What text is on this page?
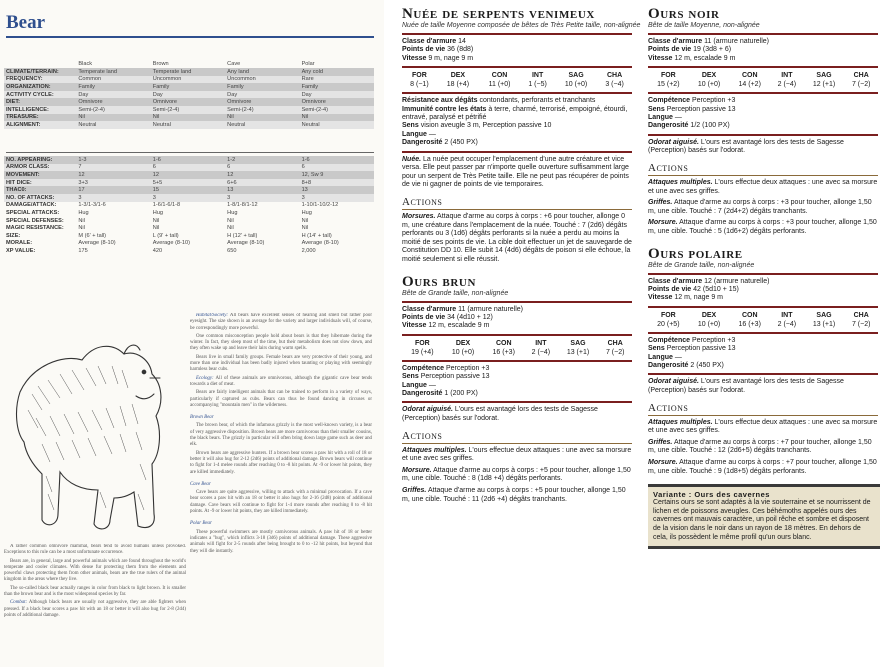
Bear
	Black	Brown	Cave	Polar
CLIMATE/TERRAIN:	Temperate land	Temperate land	Any land	Any cold
FREQUENCY:	Common	Uncommon	Uncommon	Rare
ORGANIZATION:	Family	Family	Family	Family
ACTIVITY CYCLE:	Day	Day	Day	Day
DIET:	Omnivore	Omnivore	Omnivore	Omnivore
INTELLIGENCE:	Semi-(2-4)	Semi-(2-4)	Semi-(2-4)	Semi-(2-4)
TREASURE:	Nil	Nil	Nil	Nil
ALIGNMENT:	Neutral	Neutral	Neutral	Neutral
NO. APPEARING:	1-3	1-6	1-2	1-6
ARMOR CLASS:	7	6	6	6
MOVEMENT:	12	12	12	12, Sw 9
HIT DICE:	3+3	5+5	6+6	8+8
THAC0:	17	15	13	13
NO. OF ATTACKS:	3	3	3	3
DAMAGE/ATTACK:	1-3/1-3/1-6	1-6/1-6/1-8	1-8/1-8/1-12	1-10/1-10/2-12
SPECIAL ATTACKS:	Hug	Hug	Hug	Hug
SPECIAL DEFENSES:	Nil	Nil	Nil	Nil
MAGIC RESISTANCE:	Nil	Nil	Nil	Nil
SIZE:	M (6' + tall)	L (9' + tall)	H (12' + tall)	H (14' + tall)
MORALE:	Average (8-10)	Average (8-10)	Average (8-10)	Average (8-10)
XP VALUE:	175	420	650	2,000

Habitat/Society: All bears have excellent senses of hearing and smell but rather poor eyesight. The size shown is an average for the variety and larger individuals will, of course, be correspondingly more powerful.

One common misconception people hold about bears is that they hibernate during the winter. In fact, they sleep most of the time, but their metabolism does not slow down, and they often wake up and leave their lairs during warm spells.

Bears live in small family groups. Female bears are very protective of their young, and more than one individual has been badly injured when taunting or playing with seemingly harmless bear cubs.

Ecology: All of these animals are omnivorous, although the gigantic cave bear tends towards a diet of meat.

Bears are fairly intelligent animals that can be trained to perform in a variety of ways, particularly if captured as cubs. Bears can thus be found dancing in circuses or accompanying "mountain men" in the wilderness.

Brown Bear

The brown bear, of which the infamous grizzly is the most well-known variety, is a bear of very aggressive disposition. Brown bears are more carnivorous than their smaller cousins, the black bears. The grizzly in particular will often bring down large game such as deer and elk.

Brown bears are aggressive hunters. If a brown bear scores a paw hit with a roll of 18 or better it will also hug for 2-12 (2d6) points of additional damage. Brown bears will continue to fight for 1-4 melee rounds after reaching 0 to -8 hit points. At -9 or lower hit points, they are killed immediately.

Cave Bear

Cave bears are quite aggressive, willing to attack with a minimal provocation. If a cave bear scores a paw hit with an 18 or better it also hugs for 2-16 (2d8) points of additional damage. Cave bears will continue to fight for 1-4 more rounds after reaching 0 to -8 hit points. At -9 or lower hit points, they are killed immediately.

Polar Bear

These powerful swimmers are mostly carnivorous animals. A paw hit of 18 or better indicates a "hug", which inflicts 3-18 (3d6) points of additional damage. These aggressive animals will fight for 2-5 rounds after being brought to 0 to -12 hit points, but beyond that they will die instantly.

A rather common omnivore mammal, bears tend to avoid humans unless provoked. Exceptions to this rule can be a most unfortunate occurrence.

Bears are, in general, large and powerful animals which are found throughout the world's temperate and cooler climates. With dense fur protecting them from the elements and powerful claws protecting them from other animals, bears are the true rulers of the animal kingdom in the areas where they live.

The so-called black bear actually ranges in color from black to light brown. It is smaller than the brown bear and is the most widespread species by far.

Combat: Although black bears are usually not aggressive, they are able fighters when pressed. If a black bear scores a paw hit with an 18 or better it will also hug for 2-8 (2d4) points of additional damage.

Nuée de serpents venimeux
Nuée de taille Moyenne composée de bêtes de Très Petite taille, non-alignée
Classe d'armure 14
Points de vie 36 (8d8)
Vitesse 9 m, nage 9 m
FOR	DEX	CON	INT	SAG	CHA
8 (−1)	18 (+4)	11 (+0)	1 (−5)	10 (+0)	3 (−4)
Résistance aux dégâts contondants, perforants et tranchants
Immunité contre les états à terre, charmé, terrorisé, empoigné, étourdi, entravé, paralysé et pétrifié
Sens vision aveugle 3 m, Perception passive 10
Langue —
Dangerosité 2 (450 PX)
Nuée. La nuée peut occuper l'emplacement d'une autre créature et vice versa. Elle peut passer par n'importe quelle ouverture suffisamment large pour un serpent de Très Petite taille. Elle ne peut pas récupérer de points de vie ni gagner de points de vie temporaires.
Actions
Morsures. Attaque d'arme au corps à corps : +6 pour toucher, allonge 0 m, une créature dans l'emplacement de la nuée. Touché : 7 (2d6) dégâts perforants ou 3 (1d6) dégâts perforants si la nuée a perdu au moins la moitié de ses points de vie. La cible doit effectuer un jet de sauvegarde de Constitution DD 10. Elle subit 14 (4d6) dégâts de poison si elle échoue, la moitié seulement si elle réussit.
Ours brun
Bête de Grande taille, non-alignée
Classe d'armure 11 (armure naturelle)
Points de vie 34 (4d10 + 12)
Vitesse 12 m, escalade 9 m
FOR	DEX	CON	INT	SAG	CHA
19 (+4)	10 (+0)	16 (+3)	2 (−4)	13 (+1)	7 (−2)
Compétence Perception +3
Sens Perception passive 13
Langue —
Dangerosité 1 (200 PX)
Odorat aiguisé. L'ours est avantagé lors des tests de Sagesse (Perception) basés sur l'odorat.
Actions
Attaques multiples. L'ours effectue deux attaques : une avec sa morsure et une avec ses griffes.
Morsure. Attaque d'arme au corps à corps : +5 pour toucher, allonge 1,50 m, une cible. Touché : 8 (1d8 +4) dégâts perforants.
Griffes. Attaque d'arme au corps à corps : +5 pour toucher, allonge 1,50 m, une cible. Touché : 11 (2d6 +4) dégâts tranchants.
Ours noir
Bête de taille Moyenne, non-alignée
Classe d'armure 11 (armure naturelle)
Points de vie 19 (3d8 + 6)
Vitesse 12 m, escalade 9 m
FOR	DEX	CON	INT	SAG	CHA
15 (+2)	10 (+0)	14 (+2)	2 (−4)	12 (+1)	7 (−2)
Compétence Perception +3
Sens Perception passive 13
Langue —
Dangerosité 1/2 (100 PX)
Odorat aiguisé. L'ours est avantagé lors des tests de Sagesse (Perception) basés sur l'odorat.
Actions
Attaques multiples. L'ours effectue deux attaques : une avec sa morsure et une avec ses griffes.
Griffes. Attaque d'arme au corps à corps : +3 pour toucher, allonge 1,50 m, une cible. Touché : 7 (2d4+2) dégâts tranchants.
Morsure. Attaque d'arme au corps à corps : +3 pour toucher, allonge 1,50 m, une cible. Touché : 5 (1d6+2) dégâts perforants.
Ours polaire
Bête de Grande taille, non-alignée
Classe d'armure 12 (armure naturelle)
Points de vie 42 (5d10 + 15)
Vitesse 12 m, nage 9 m
FOR	DEX	CON	INT	SAG	CHA
20 (+5)	10 (+0)	16 (+3)	2 (−4)	13 (+1)	7 (−2)
Compétence Perception +3
Sens Perception passive 13
Langue —
Dangerosité 2 (450 PX)
Odorat aiguisé. L'ours est avantagé lors des tests de Sagesse (Perception) basés sur l'odorat.
Actions
Attaques multiples. L'ours effectue deux attaques : une avec sa morsure et une avec ses griffes.
Griffes. Attaque d'arme au corps à corps : +7 pour toucher, allonge 1,50 m, une cible. Touché : 12 (2d6+5) dégâts tranchants.
Morsure. Attaque d'arme au corps à corps : +7 pour toucher, allonge 1,50 m, une cible. Touché : 9 (1d8+5) dégâts perforants.
Variante : Ours des cavernes
Certains ours se sont adaptés à la vie souterraine et se nourrissent de lichen et de poissons aveugles. Ces béhémoths appelés ours des cavernes ont mauvais caractère, un poil rêche et sombre et disposent de la vision dans le noir dans un rayon de 18 mètres. En dehors de cela, ils possèdent le même profil qu'un ours blanc.
